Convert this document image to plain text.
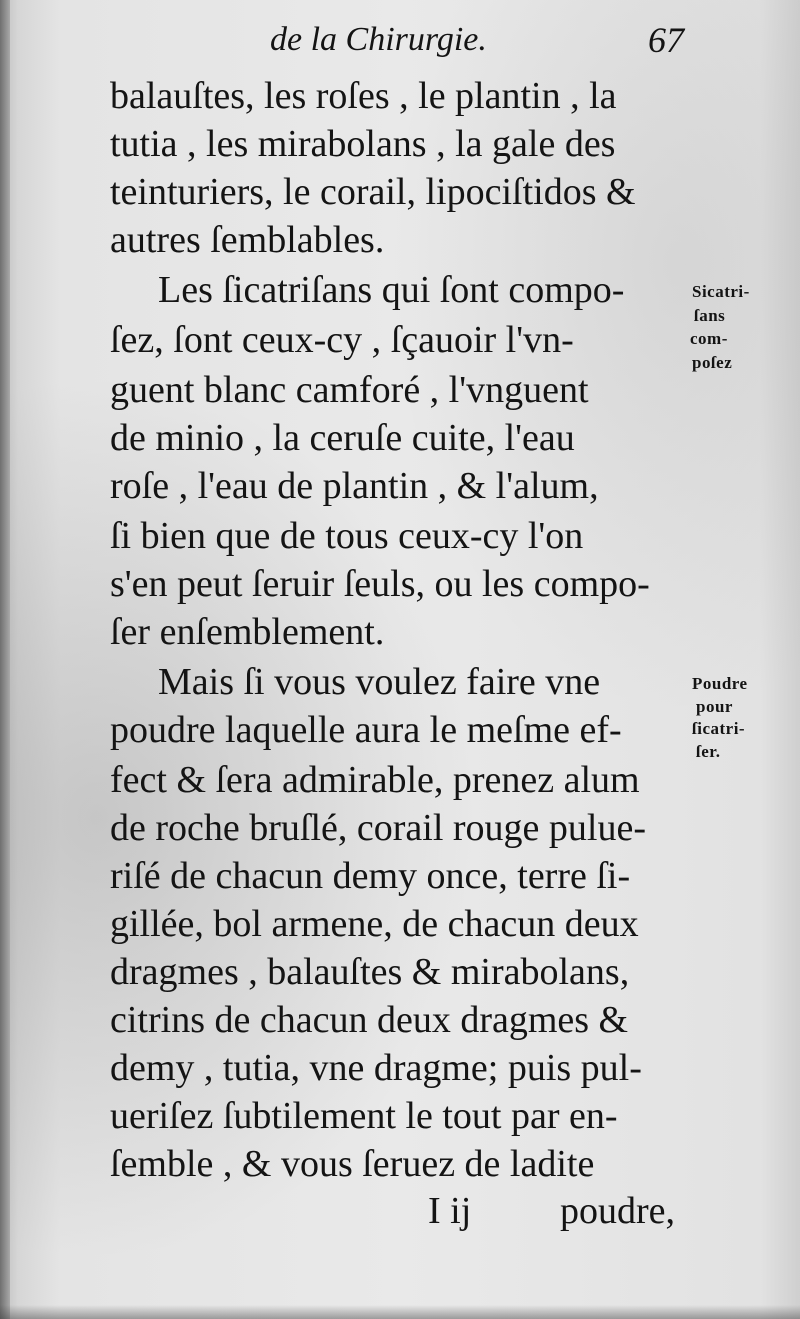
de la Chirurgie.	67
balauſtes, les roſes , le plantin , la
tutia , les mirabolans , la gale des
teinturiers, le corail, lipociſtidos &
autres ſemblables.
Les ſicatriſans qui ſont compo-
ſez, ſont ceux-cy , ſçauoir l'vn-
guent blanc camforé , l'vnguent
de minio , la ceruſe cuite, l'eau
roſe , l'eau de plantin , & l'alum,
ſi bien que de tous ceux-cy l'on
s'en peut ſeruir ſeuls, ou les compo-
ſer enſemblement.
Mais ſi vous voulez faire vne
poudre laquelle aura le meſme ef-
fect & ſera admirable, prenez alum
de roche bruſlé, corail rouge pulue-
riſé de chacun demy once, terre ſi-
gillée, bol armene, de chacun deux
dragmes , balauſtes & mirabolans,
citrins de chacun deux dragmes &
demy , tutia, vne dragme; puis pul-
ueriſez ſubtilement le tout par en-
ſemble , & vous ſeruez de ladite
Sicatri-
ſans
com-
poſez
Poudre
pour
ſicatri-
ſer.
I ij poudre,
